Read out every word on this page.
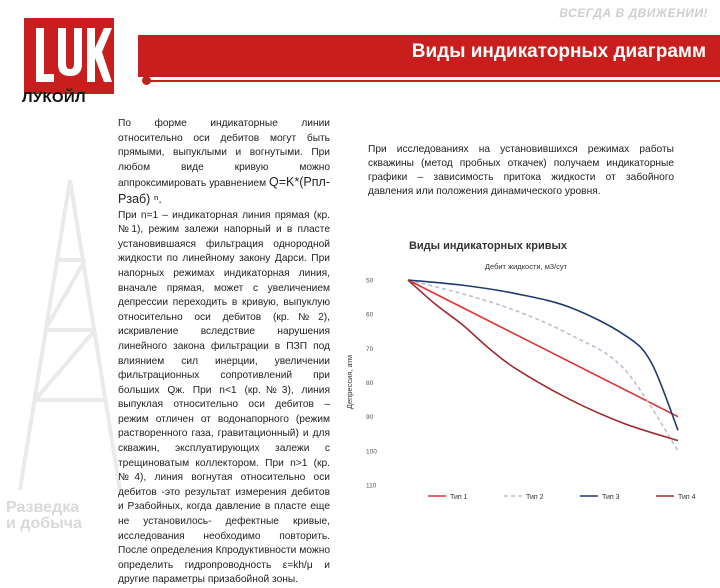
ВСЕГДА В ДВИЖЕНИИ!
Виды индикаторных диаграмм
ЛУКОЙЛ
Разведка
и добыча

По форме индикаторные линии относительно оси дебитов могут быть прямыми, выпуклыми и вогнутыми. При любом виде кривую можно аппроксимировать уравнением Q=K*(Pпл-Рзаб) ⁿ.

При n=1 – индикаторная линия прямая (кр.№1), режим залежи напорный и в пласте установившаяся фильтрация однородной жидкости по линейному закону Дарси. При напорных режимах индикаторная линия, вначале прямая, может с увеличением депрессии переходить в кривую, выпуклую относительно оси дебитов (кр.№2), искривление вследствие нарушения линейного закона фильтрации в ПЗП под влиянием сил инерции, увеличении фильтрационных сопротивлений при больших Qж. При n<1 (кр.№3), линия выпуклая относительно оси дебитов – режим отличен от водонапорного (режим растворенного газа, гравитационный) и для скважин, эксплуатирующих залежи с трещиноватым коллектором. При n>1 (кр.№4), линия вогнутая относительно оси дебитов -это результат измерения дебитов и Рзабойных, когда давление в пласте еще не установилось- дефектные кривые, исследования необходимо повторить. После определения Кпродуктивности можно определить гидропроводность ε=kh/μ и другие параметры призабойной зоны.

При исследованиях на установившихся режимах работы скважины (метод пробных откачек) получаем индикаторные графики – зависимость притока жидкости от забойного давления или положения динамического уровня.
Виды индикаторных кривых
Дебит жидкости, м3/сут
Депрессия, атм
50
60
70
80
90
100
110
Тип 1	Тип 2	Тип 3	Тип 4
